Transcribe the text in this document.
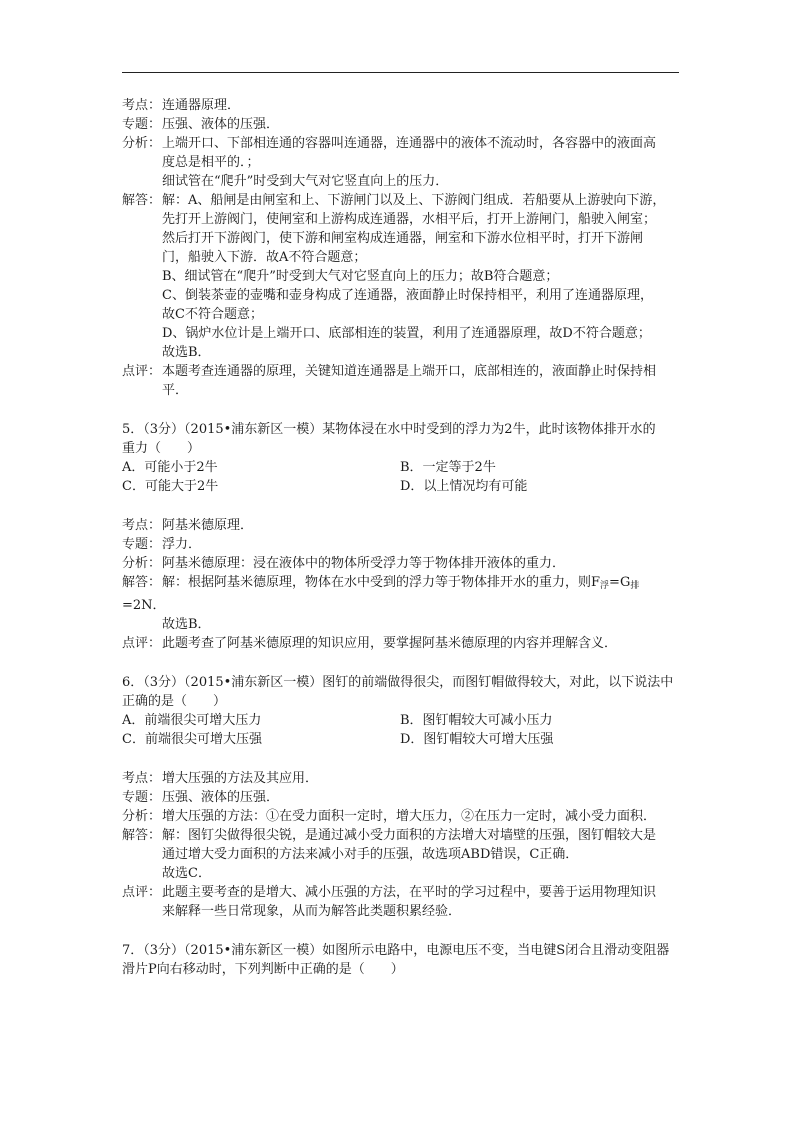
考点： 连通器原理．
专题： 压强、液体的压强．
分析： 上端开口、下部相连通的容器叫连通器，连通器中的液体不流动时，各容器中的液面高

度总是相平的．；

细试管在“爬升”时受到大气对它竖直向上的压力．

解答： 解：A、船闸是由闸室和上、下游闸门以及上、下游阀门组成．若船要从上游驶向下游，

先打开上游阀门，使闸室和上游构成连通器，水相平后，打开上游闸门，船驶入闸室；

然后打开下游阀门，使下游和闸室构成连通器，闸室和下游水位相平时，打开下游闸

门，船驶入下游．故A不符合题意；

B、细试管在“爬升”时受到大气对它竖直向上的压力；故B符合题意；

C、倒装茶壶的壶嘴和壶身构成了连通器，液面静止时保持相平，利用了连通器原理，

故C不符合题意；

D、锅炉水位计是上端开口、底部相连的装置，利用了连通器原理，故D不符合题意；

故选B．

点评： 本题考查连通器的原理，关键知道连通器是上端开口，底部相连的，液面静止时保持相

平．

5．（3分）（2015•浦东新区一模）某物体浸在水中时受到的浮力为2牛，此时该物体排开水的

重力（　　）

A．可能小于2牛	B．一定等于2牛
C．可能大于2牛	D．以上情况均有可能
考点： 阿基米德原理．
专题： 浮力．
分析： 阿基米德原理：浸在液体中的物体所受浮力等于物体排开液体的重力．
解答： 解：根据阿基米德原理，物体在水中受到的浮力等于物体排开水的重力，则$F_浮=G_排$

=2N．
故选B．
点评： 此题考查了阿基米德原理的知识应用，要掌握阿基米德原理的内容并理解含义．

6．（3分）（2015•浦东新区一模）图钉的前端做得很尖，而图钉帽做得较大，对此，以下说法中

正确的是（　　）

A．前端很尖可增大压力	B．图钉帽较大可减小压力
C．前端很尖可增大压强	D．图钉帽较大可增大压强
考点： 增大压强的方法及其应用．
专题： 压强、液体的压强．
分析： 增大压强的方法：①在受力面积一定时，增大压力，②在压力一定时，减小受力面积．
解答： 解：图钉尖做得很尖锐，是通过减小受力面积的方法增大对墙壁的压强，图钉帽较大是

通过增大受力面积的方法来减小对手的压强，故选项ABD错误，C正确．

故选C．

点评： 此题主要考查的是增大、减小压强的方法，在平时的学习过程中，要善于运用物理知识

来解释一些日常现象，从而为解答此类题积累经验．

7．（3分）（2015•浦东新区一模）如图所示电路中，电源电压不变，当电键S闭合且滑动变阻器

滑片P向右移动时，下列判断中正确的是（　　）
